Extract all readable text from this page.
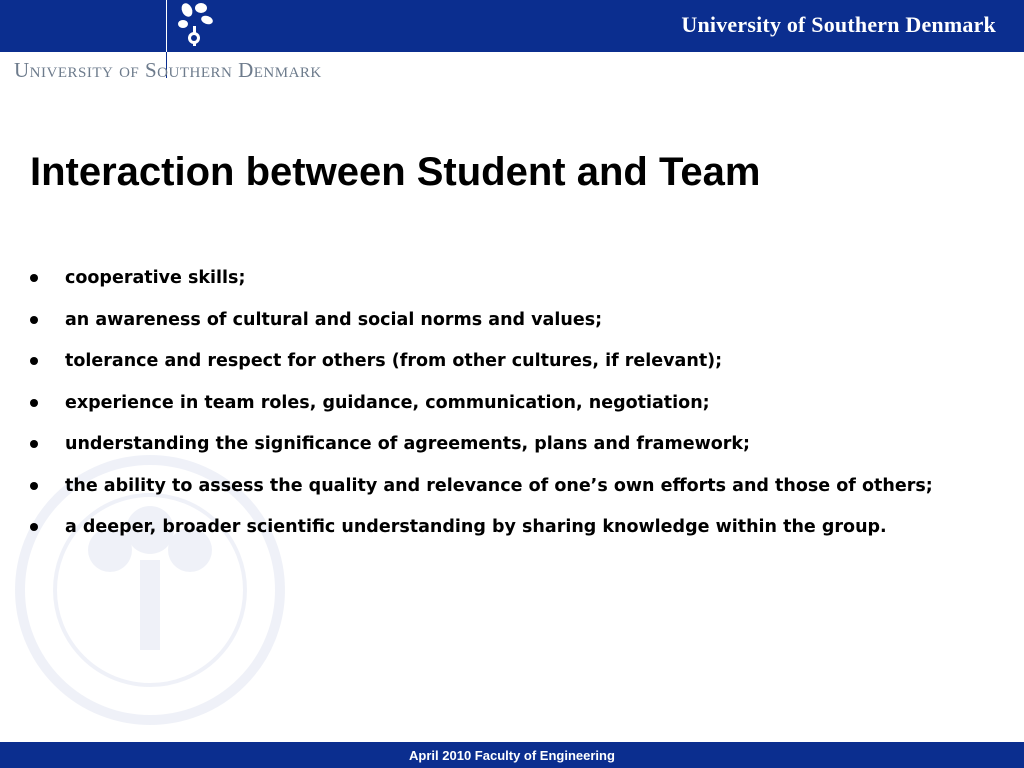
University of Southern Denmark
University of Southern Denmark
Interaction between Student and Team
cooperative skills;
an awareness of cultural and social norms and values;
tolerance and respect for others (from other cultures, if relevant);
experience in team roles, guidance, communication, negotiation;
understanding the significance of agreements, plans and framework;
the ability to assess the quality and relevance of one’s own efforts and those of others;
a deeper, broader scientific understanding by sharing knowledge within the group.
April 2010 Faculty of Engineering
